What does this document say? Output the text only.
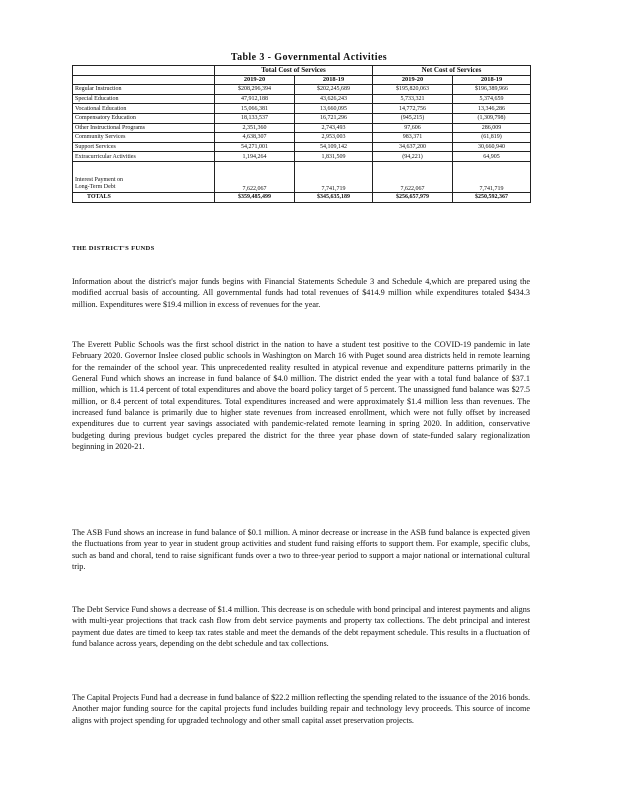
Table 3 - Governmental Activities
	Total Cost of Services		Net Cost of Services	
	2019-20	2018-19	2019-20	2018-19
Regular Instruction	$208,296,394	$202,245,689	$195,820,063	$196,389,966
Special Education	47,912,188	43,626,243	5,733,321	5,374,659
Vocational Education	15,066,381	13,660,095	14,772,756	13,346,286
Compensatory Education	18,133,537	16,721,296	(945,215)	(1,309,798)
Other Instructional Programs	2,351,360	2,743,493	97,606	286,009
Community Services	4,638,307	2,953,003	983,371	(61,819)
Support Services	54,271,001	54,109,142	34,637,200	30,660,940
Extracurricular Activities	1,194,264	1,831,509	(94,221)	64,905

Interest Payment on
Long-Term Debt	7,622,067	7,741,719	7,622,067	7,741,719
TOTALS	$359,485,499	$345,635,189	$256,657,979	$250,592,367
THE DISTRICT'S FUNDS

Information about the district's major funds begins with Financial Statements Schedule 3 and Schedule 4,which are prepared using the modified accrual basis of accounting. All governmental funds had total revenues of $414.9 million while expenditures totaled $434.3 million. Expenditures were $19.4 million in excess of revenues for the year.

The Everett Public Schools was the first school district in the nation to have a student test positive to the COVID-19 pandemic in late February 2020. Governor Inslee closed public schools in Washington on March 16 with Puget sound area districts held in remote learning for the remainder of the school year. This unprecedented reality resulted in atypical revenue and expenditure patterns primarily in the General Fund which shows an increase in fund balance of $4.0 million. The district ended the year with a total fund balance of $37.1 million, which is 11.4 percent of total expenditures and above the board policy target of 5 percent. The unassigned fund balance was $27.5 million, or 8.4 percent of total expenditures. Total expenditures increased and were approximately $1.4 million less than revenues. The increased fund balance is primarily due to higher state revenues from increased enrollment, which were not fully offset by increased expenditures due to current year savings associated with pandemic-related remote learning in spring 2020. In addition, conservative budgeting during previous budget cycles prepared the district for the three year phase down of state-funded salary regionalization beginning in 2020-21.

The ASB Fund shows an increase in fund balance of $0.1 million. A minor decrease or increase in the ASB fund balance is expected given the fluctuations from year to year in student group activities and student fund raising efforts to support them. For example, specific clubs, such as band and choral, tend to raise significant funds over a two to three-year period to support a major national or international cultural trip.

The Debt Service Fund shows a decrease of $1.4 million. This decrease is on schedule with bond principal and interest payments and aligns with multi-year projections that track cash flow from debt service payments and property tax collections. The debt principal and interest payment due dates are timed to keep tax rates stable and meet the demands of the debt repayment schedule. This results in a fluctuation of fund balance across years, depending on the debt schedule and tax collections.

The Capital Projects Fund had a decrease in fund balance of $22.2 million reflecting the spending related to the issuance of the 2016 bonds. Another major funding source for the capital projects fund includes building repair and technology levy proceeds. This source of income aligns with project spending for upgraded technology and other small capital asset preservation projects.
